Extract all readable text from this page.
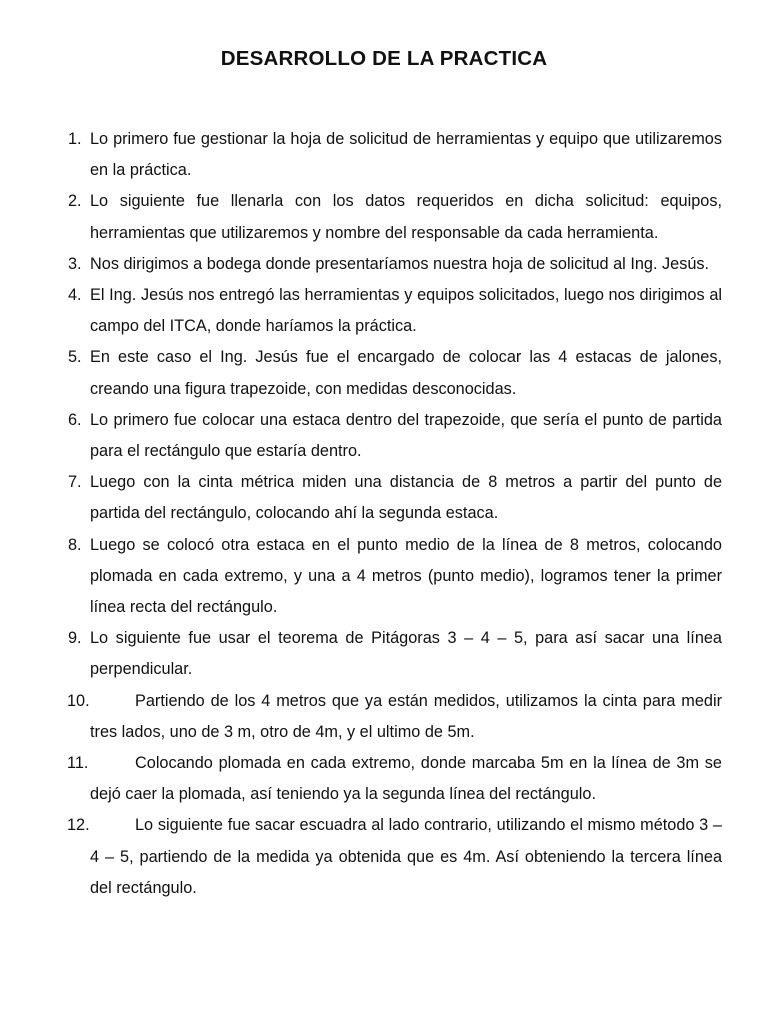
DESARROLLO DE LA PRACTICA
1. Lo primero fue gestionar la hoja de solicitud de herramientas y equipo que utilizaremos en la práctica.
2. Lo siguiente fue llenarla con los datos requeridos en dicha solicitud: equipos, herramientas que utilizaremos y nombre del responsable da cada herramienta.
3. Nos dirigimos a bodega donde presentaríamos nuestra hoja de solicitud al Ing. Jesús.
4. El Ing. Jesús nos entregó las herramientas y equipos solicitados, luego nos dirigimos al campo del ITCA, donde haríamos la práctica.
5. En este caso el Ing. Jesús fue el encargado de colocar las 4 estacas de jalones, creando una figura trapezoide, con medidas desconocidas.
6. Lo primero fue colocar una estaca dentro del trapezoide, que sería el punto de partida para el rectángulo que estaría dentro.
7. Luego con la cinta métrica miden una distancia de 8 metros a partir del punto de partida del rectángulo, colocando ahí la segunda estaca.
8. Luego se colocó otra estaca en el punto medio de la línea de 8 metros, colocando plomada en cada extremo, y una a 4 metros (punto medio), logramos tener la primer línea recta del rectángulo.
9. Lo siguiente fue usar el teorema de Pitágoras 3 – 4 – 5, para así sacar una línea perpendicular.
10.	Partiendo de los 4 metros que ya están medidos, utilizamos la cinta para medir tres lados, uno de 3 m, otro de 4m, y el ultimo de 5m.
11.	Colocando plomada en cada extremo, donde marcaba 5m en la línea de 3m se dejó caer la plomada, así teniendo ya la segunda línea del rectángulo.
12.	Lo siguiente fue sacar escuadra al lado contrario, utilizando el mismo método 3 – 4 – 5, partiendo de la medida ya obtenida que es 4m. Así obteniendo la tercera línea del rectángulo.
